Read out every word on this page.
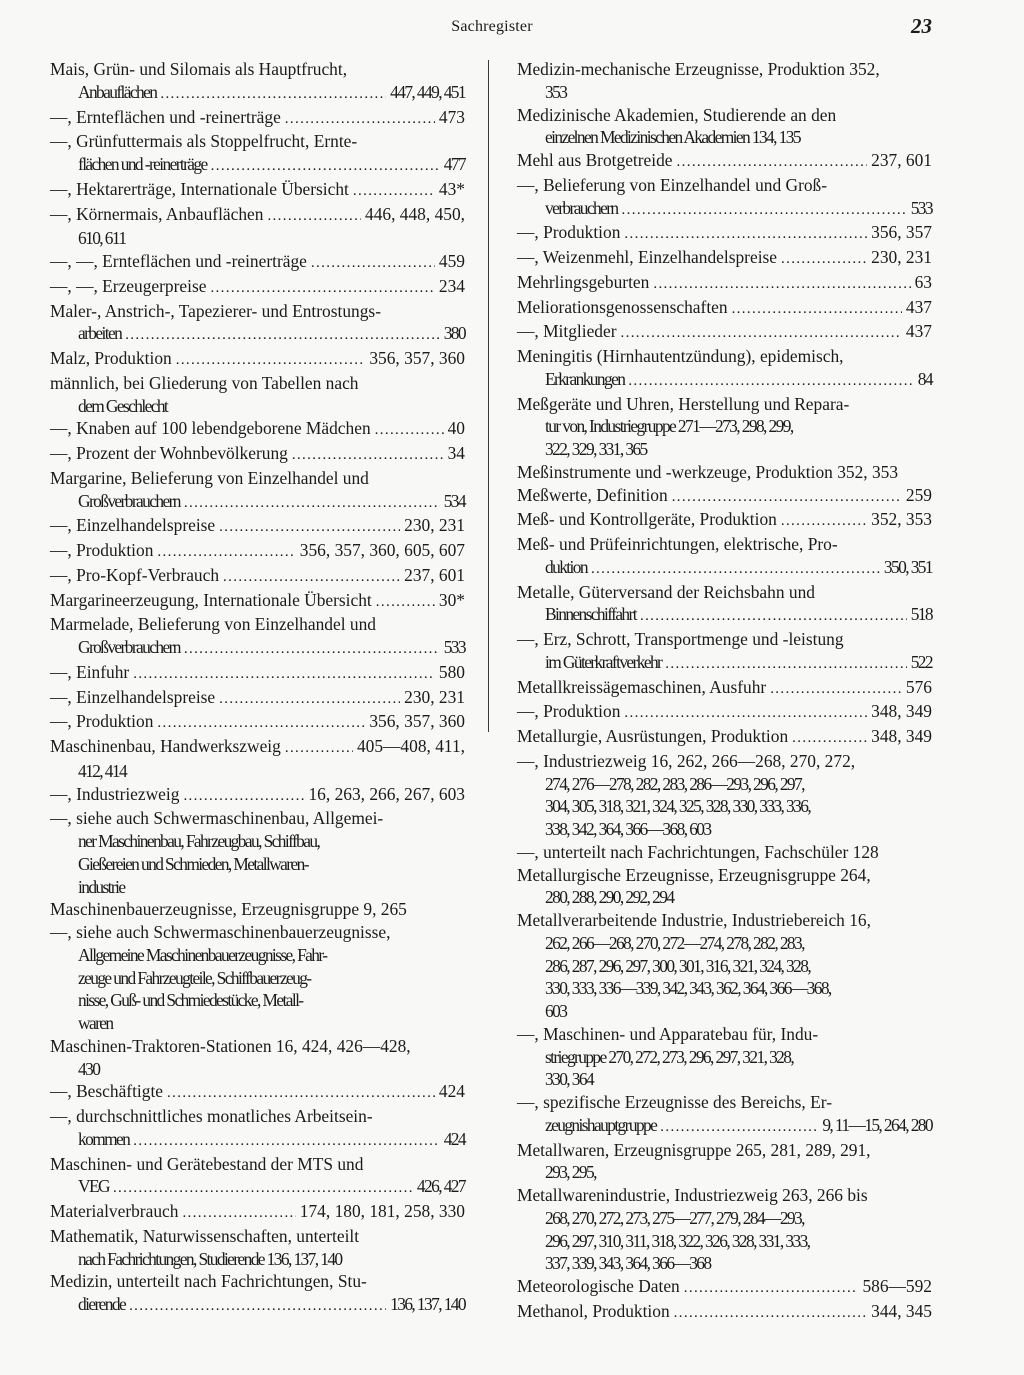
Sachregister	23
Mais, Grün- und Silomais als Hauptfrucht,
Anbauflächen . . .	447, 449, 451
—, Ernteflächen und -reinerträge . . .	473
—, Grünfuttermais als Stoppelfrucht, Ernte-
flächen und -reinerträge . . .	477
—, Hektarerträge, Internationale Übersicht . . .	43*
—, Körnermais, Anbauflächen . . .	446, 448, 450,
610, 611
—, —, Ernteflächen und -reinerträge . . .	459
—, —, Erzeugerpreise . . .	234
Maler-, Anstrich-, Tapezierer- und Entrostungs-
arbeiten . . .	380
Malz, Produktion . . .	356, 357, 360
männlich, bei Gliederung von Tabellen nach
dem Geschlecht
—, Knaben auf 100 lebendgeborene Mädchen . . .	40
—, Prozent der Wohnbevölkerung . . .	34
Margarine, Belieferung von Einzelhandel und
Großverbrauchern . . .	534
—, Einzelhandelspreise . . .	230, 231
—, Produktion . . .	356, 357, 360, 605, 607
—, Pro-Kopf-Verbrauch . . .	237, 601
Margarineerzeugung, Internationale Übersicht . . .	30*
Marmelade, Belieferung von Einzelhandel und
Großverbrauchern . . .	533
—, Einfuhr . . .	580
—, Einzelhandelspreise . . .	230, 231
—, Produktion . . .	356, 357, 360
Maschinenbau, Handwerkszweig . . .	405—408, 411,
412, 414
—, Industriezweig . . .	16, 263, 266, 267, 603
—, siehe auch Schwermaschinenbau, Allgemei-
ner Maschinenbau, Fahrzeugbau, Schiffbau,
Gießereien und Schmieden, Metallwaren-
industrie
Maschinenbauerzeugnisse, Erzeugnisgruppe 9, 265
—, siehe auch Schwermaschinenbauerzeugnisse,
Allgemeine Maschinenbauerzeugnisse, Fahr-
zeuge und Fahrzeugteile, Schiffbauerzeug-
nisse, Guß- und Schmiedestücke, Metall-
waren
Maschinen-Traktoren-Stationen 16, 424, 426—428,
430
—, Beschäftigte . . .	424
—, durchschnittliches monatliches Arbeitsein-
kommen . . .	424
Maschinen- und Gerätebestand der MTS und
VEG . . .	426, 427
Materialverbrauch . . .	174, 180, 181, 258, 330
Mathematik, Naturwissenschaften, unterteilt
nach Fachrichtungen, Studierende 136, 137, 140
Medizin, unterteilt nach Fachrichtungen, Stu-
dierende . . .	136, 137, 140
Medizin-mechanische Erzeugnisse, Produktion 352,
353
Medizinische Akademien, Studierende an den
einzelnen Medizinischen Akademien 134, 135
Mehl aus Brotgetreide . . .	237, 601
—, Belieferung von Einzelhandel und Groß-
verbrauchern . . .	533
—, Produktion . . .	356, 357
—, Weizenmehl, Einzelhandelspreise . . .	230, 231
Mehrlingsgeburten . . .	63
Meliorationsgenossenschaften . . .	437
—, Mitglieder . . .	437
Meningitis (Hirnhautentzündung), epidemisch,
Erkrankungen . . .	84
Meßgeräte und Uhren, Herstellung und Repara-
tur von, Industriegruppe 271—273, 298, 299,
322, 329, 331, 365
Meßinstrumente und -werkzeuge, Produktion 352, 353
Meßwerte, Definition . . .	259
Meß- und Kontrollgeräte, Produktion . . .	352, 353
Meß- und Prüfeinrichtungen, elektrische, Pro-
duktion . . .	350, 351
Metalle, Güterversand der Reichsbahn und
Binnenschiffahrt . . .	518
—, Erz, Schrott, Transportmenge und -leistung
im Güterkraftverkehr . . .	522
Metallkreissägemaschinen, Ausfuhr . . .	576
—, Produktion . . .	348, 349
Metallurgie, Ausrüstungen, Produktion . . .	348, 349
—, Industriezweig 16, 262, 266—268, 270, 272,
274, 276—278, 282, 283, 286—293, 296, 297,
304, 305, 318, 321, 324, 325, 328, 330, 333, 336,
338, 342, 364, 366—368, 603
—, unterteilt nach Fachrichtungen, Fachschüler 128
Metallurgische Erzeugnisse, Erzeugnisgruppe 264,
280, 288, 290, 292, 294
Metallverarbeitende Industrie, Industriebereich 16,
262, 266—268, 270, 272—274, 278, 282, 283,
286, 287, 296, 297, 300, 301, 316, 321, 324, 328,
330, 333, 336—339, 342, 343, 362, 364, 366—368,
603
—, Maschinen- und Apparatebau für, Indu-
striegruppe 270, 272, 273, 296, 297, 321, 328,
330, 364
—, spezifische Erzeugnisse des Bereichs, Er-
zeugnishauptgruppe . . .	9, 11—15, 264, 280
Metallwaren, Erzeugnisgruppe 265, 281, 289, 291,
293, 295,
Metallwarenindustrie, Industriezweig 263, 266 bis
268, 270, 272, 273, 275—277, 279, 284—293,
296, 297, 310, 311, 318, 322, 326, 328, 331, 333,
337, 339, 343, 364, 366—368
Meteorologische Daten . . .	586—592
Methanol, Produktion . . .	344, 345
